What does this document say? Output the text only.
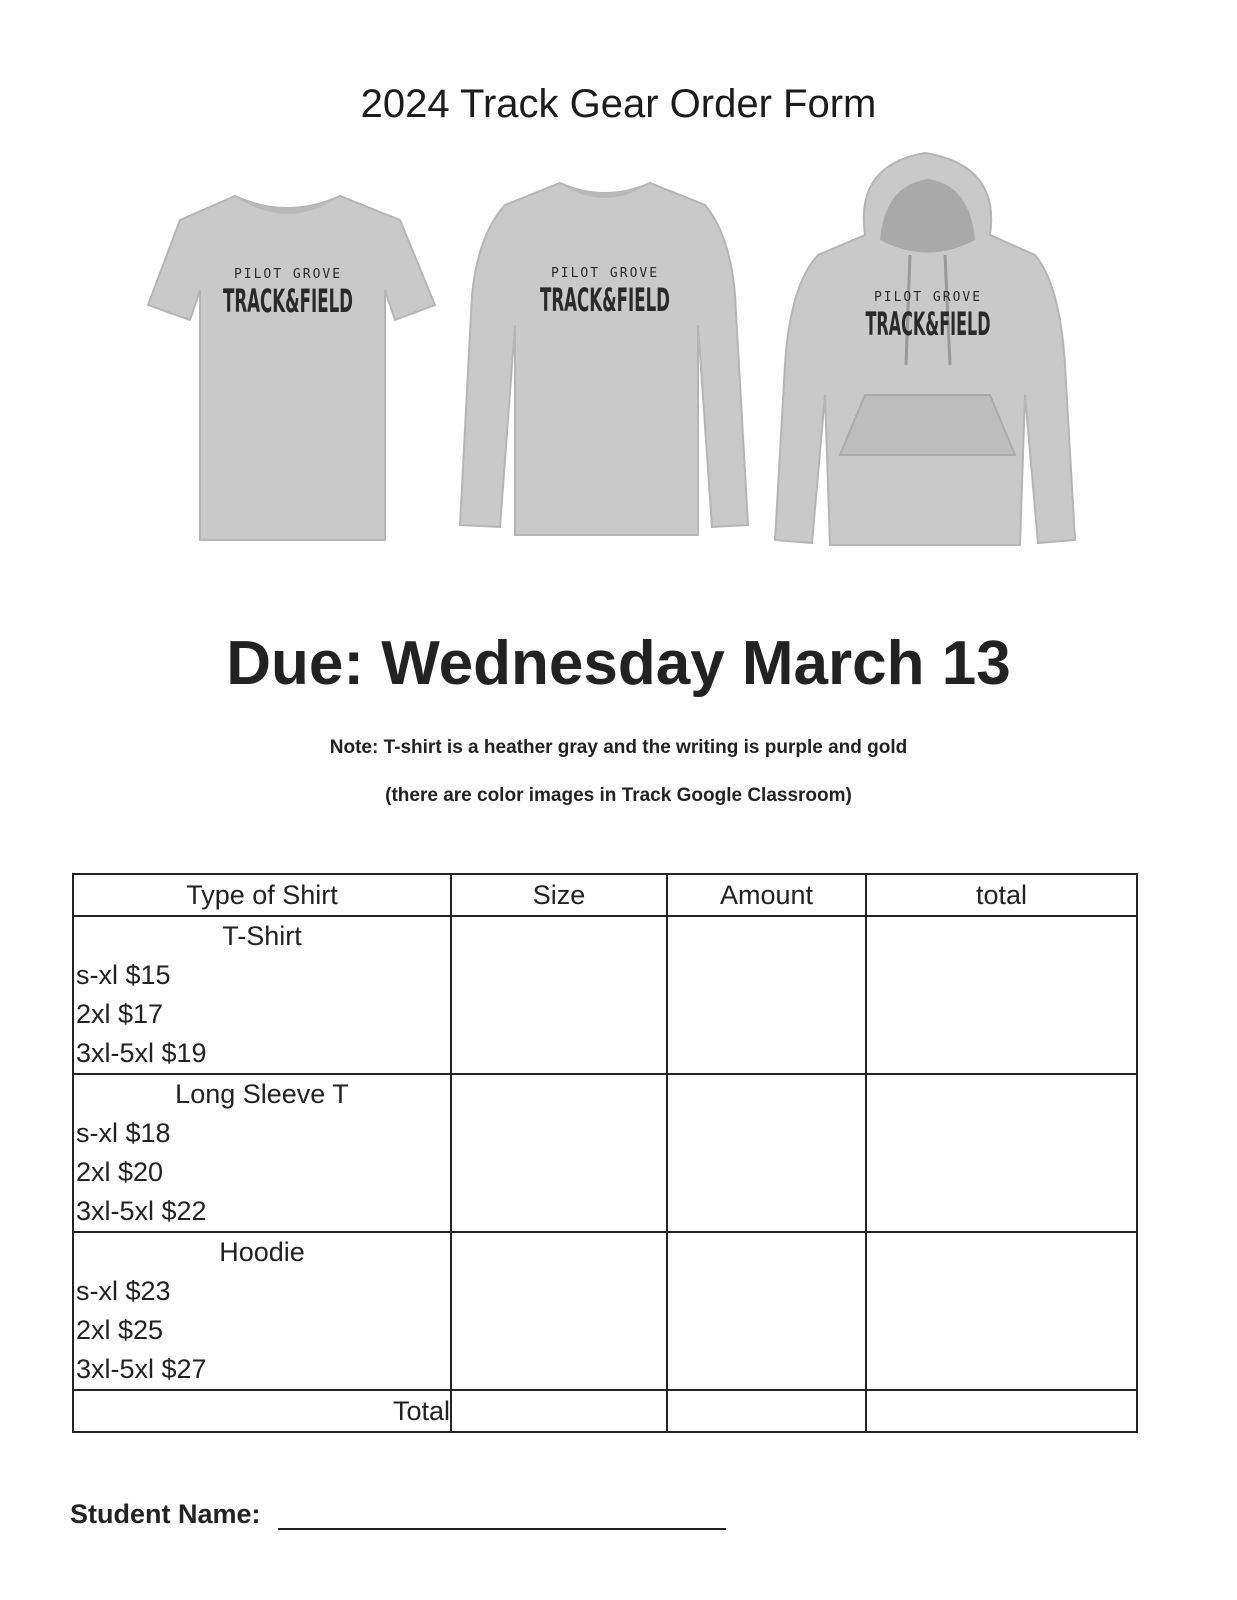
2024 Track Gear Order Form
PILOT GROVE
TRACK&FIELD
PILOT GROVE
TRACK&FIELD	PILOT GROVE
TRACK&FIELD
Due: Wednesday March 13
Note: T-shirt is a heather gray and the writing is purple and gold
(there are color images in Track Google Classroom)
Type of Shirt	Size	Amount	total

T-Shirt
s-xl $15
2xl $17
3xl-5xl $19			

Long Sleeve T
s-xl $18
2xl $20
3xl-5xl $22			

Hoodie
s-xl $23
2xl $25
3xl-5xl $27			

Total			
Student Name:
